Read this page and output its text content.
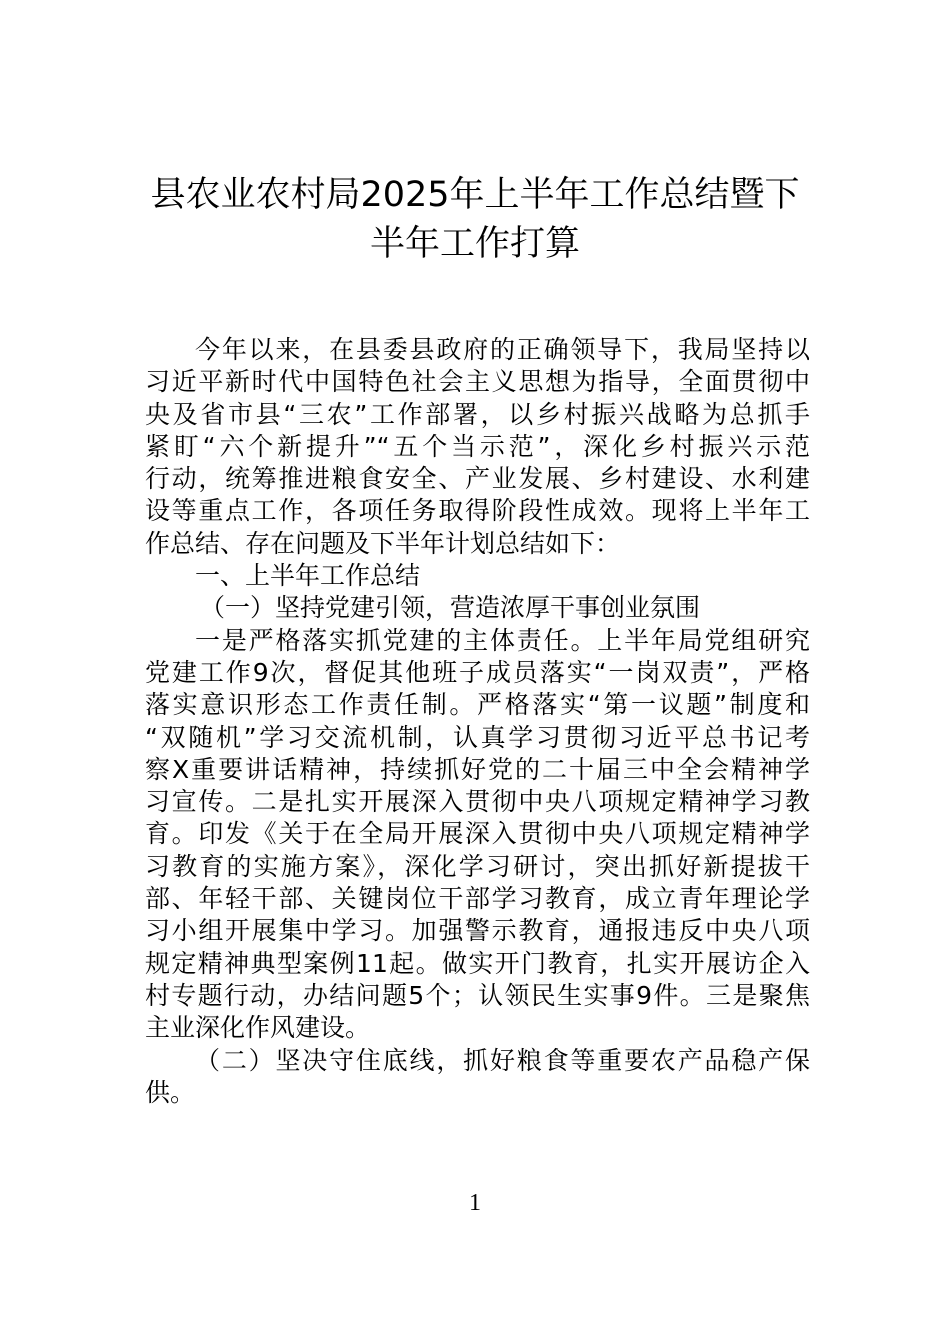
县农业农村局2025年上半年工作总结暨下
半年工作打算
今年以来，在县委县政府的正确领导下，我局坚持以
习近平新时代中国特色社会主义思想为指导，全面贯彻中
央及省市县“三农”工作部署，以乡村振兴战略为总抓手
紧盯“六个新提升”“五个当示范”，深化乡村振兴示范
行动，统筹推进粮食安全、产业发展、乡村建设、水利建
设等重点工作，各项任务取得阶段性成效。现将上半年工
作总结、存在问题及下半年计划总结如下：
一、上半年工作总结
（一）坚持党建引领，营造浓厚干事创业氛围
一是严格落实抓党建的主体责任。上半年局党组研究
党建工作9次，督促其他班子成员落实“一岗双责”，严格
落实意识形态工作责任制。严格落实“第一议题”制度和
“双随机”学习交流机制，认真学习贯彻习近平总书记考
察X重要讲话精神，持续抓好党的二十届三中全会精神学
习宣传。二是扎实开展深入贯彻中央八项规定精神学习教
育。印发《关于在全局开展深入贯彻中央八项规定精神学
习教育的实施方案》，深化学习研讨，突出抓好新提拔干
部、年轻干部、关键岗位干部学习教育，成立青年理论学
习小组开展集中学习。加强警示教育，通报违反中央八项
规定精神典型案例11起。做实开门教育，扎实开展访企入
村专题行动，办结问题5个；认领民生实事9件。三是聚焦
主业深化作风建设。
（二）坚决守住底线，抓好粮食等重要农产品稳产保
供。
1
